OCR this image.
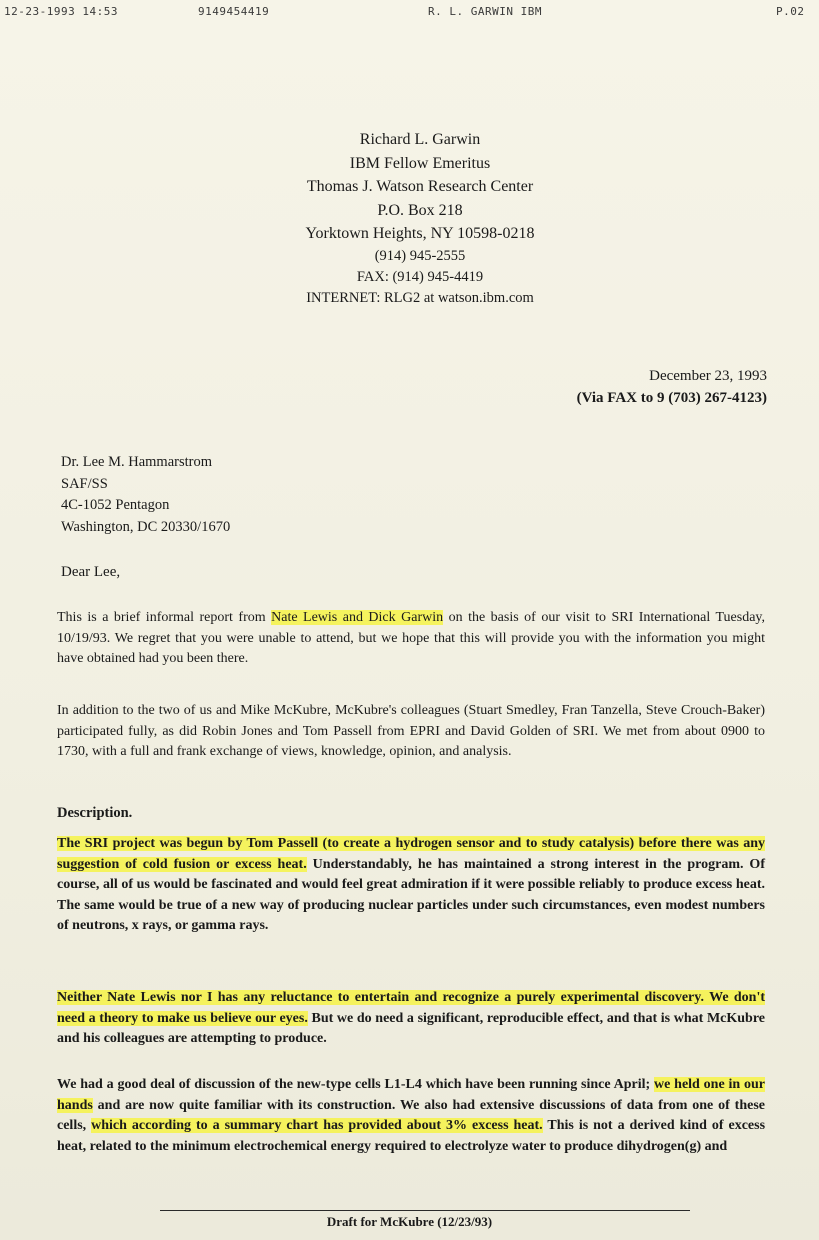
12-23-1993 14:53	9149454419	R. L. GARWIN IBM	P.02
Richard L. Garwin
IBM Fellow Emeritus
Thomas J. Watson Research Center
P.O. Box 218
Yorktown Heights, NY 10598-0218
(914) 945-2555
FAX: (914) 945-4419
INTERNET: RLG2 at watson.ibm.com
December 23, 1993
(Via FAX to 9 (703) 267-4123)
Dr. Lee M. Hammarstrom
SAF/SS
4C-1052 Pentagon
Washington, DC 20330/1670
Dear Lee,
This is a brief informal report from Nate Lewis and Dick Garwin on the basis of our visit to SRI International Tuesday, 10/19/93. We regret that you were unable to attend, but we hope that this will provide you with the information you might have obtained had you been there.
In addition to the two of us and Mike McKubre, McKubre's colleagues (Stuart Smedley, Fran Tanzella, Steve Crouch-Baker) participated fully, as did Robin Jones and Tom Passell from EPRI and David Golden of SRI. We met from about 0900 to 1730, with a full and frank exchange of views, knowledge, opinion, and analysis.
Description.
The SRI project was begun by Tom Passell (to create a hydrogen sensor and to study catalysis) before there was any suggestion of cold fusion or excess heat. Understandably, he has maintained a strong interest in the program. Of course, all of us would be fascinated and would feel great admiration if it were possible reliably to produce excess heat. The same would be true of a new way of producing nuclear particles under such circumstances, even modest numbers of neutrons, x rays, or gamma rays.
Neither Nate Lewis nor I has any reluctance to entertain and recognize a purely experimental discovery. We don't need a theory to make us believe our eyes. But we do need a significant, reproducible effect, and that is what McKubre and his colleagues are attempting to produce.
We had a good deal of discussion of the new-type cells L1-L4 which have been running since April; we held one in our hands and are now quite familiar with its construction. We also had extensive discussions of data from one of these cells, which according to a summary chart has provided about 3% excess heat. This is not a derived kind of excess heat, related to the minimum electrochemical energy required to electrolyze water to produce dihydrogen(g) and
Draft for McKubre (12/23/93)
